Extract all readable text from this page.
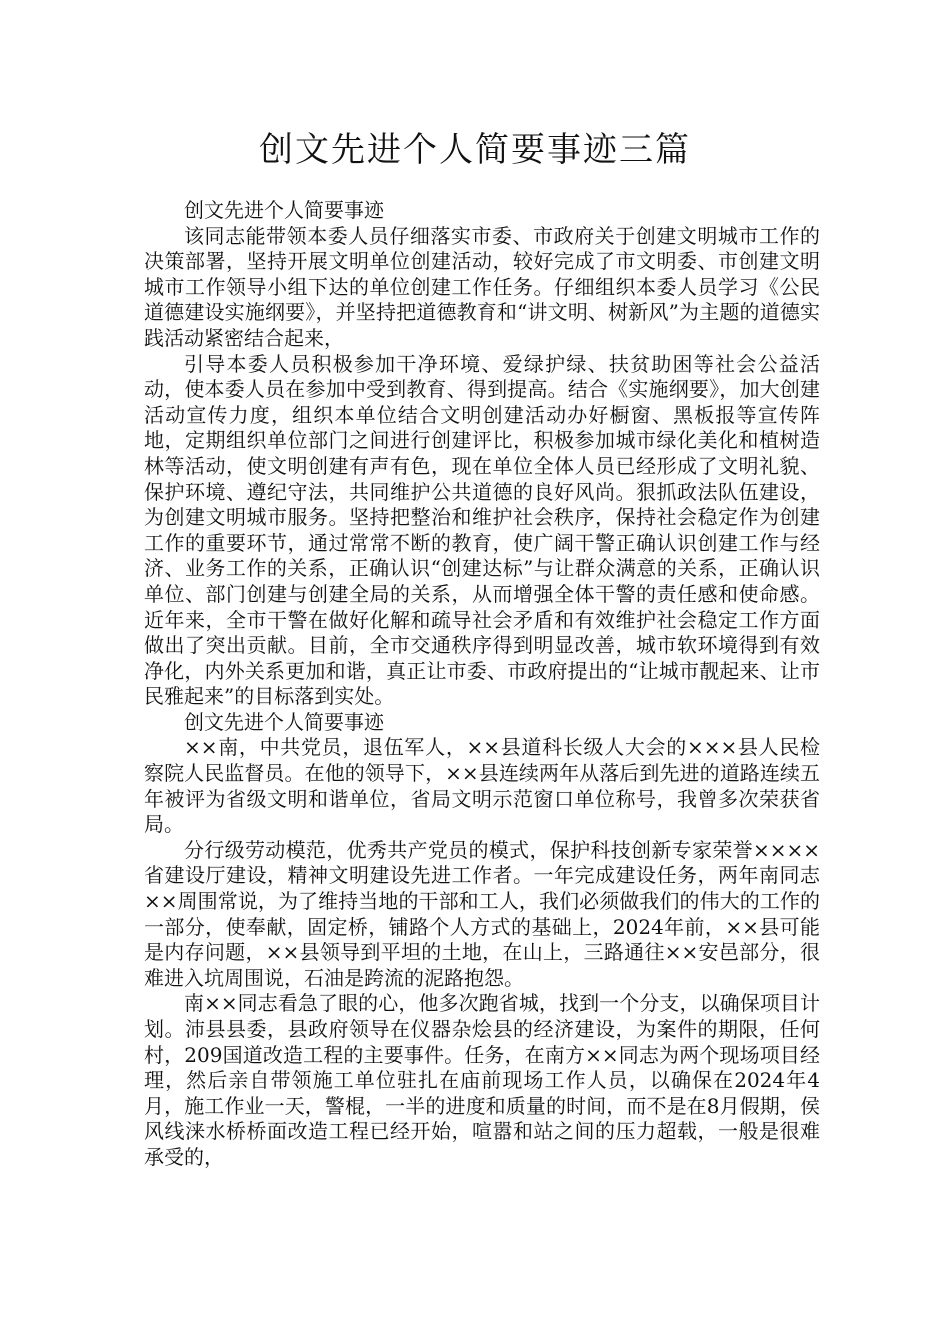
创文先进个人简要事迹三篇

创文先进个人简要事迹

该同志能带领本委人员仔细落实市委、市政府关于创建文明城市工作的决策部署，坚持开展文明单位创建活动，较好完成了市文明委、市创建文明城市工作领导小组下达的单位创建工作任务。仔细组织本委人员学习《公民道德建设实施纲要》，并坚持把道德教育和“讲文明、树新风”为主题的道德实践活动紧密结合起来，

引导本委人员积极参加干净环境、爱绿护绿、扶贫助困等社会公益活动，使本委人员在参加中受到教育、得到提高。结合《实施纲要》，加大创建活动宣传力度，组织本单位结合文明创建活动办好橱窗、黑板报等宣传阵地，定期组织单位部门之间进行创建评比，积极参加城市绿化美化和植树造林等活动，使文明创建有声有色，现在单位全体人员已经形成了文明礼貌、保护环境、遵纪守法，共同维护公共道德的良好风尚。狠抓政法队伍建设，为创建文明城市服务。坚持把整治和维护社会秩序，保持社会稳定作为创建工作的重要环节，通过常常不断的教育，使广阔干警正确认识创建工作与经济、业务工作的关系，正确认识“创建达标”与让群众满意的关系，正确认识单位、部门创建与创建全局的关系，从而增强全体干警的责任感和使命感。近年来，全市干警在做好化解和疏导社会矛盾和有效维护社会稳定工作方面做出了突出贡献。目前，全市交通秩序得到明显改善，城市软环境得到有效净化，内外关系更加和谐，真正让市委、市政府提出的“让城市靓起来、让市民雅起来”的目标落到实处。

创文先进个人简要事迹

××南，中共党员，退伍军人，××县道科长级人大会的×××县人民检察院人民监督员。在他的领导下，××县连续两年从落后到先进的道路连续五年被评为省级文明和谐单位，省局文明示范窗口单位称号，我曾多次荣获省局。

分行级劳动模范，优秀共产党员的模式，保护科技创新专家荣誉××××省建设厅建设，精神文明建设先进工作者。一年完成建设任务，两年南同志××周围常说，为了维持当地的干部和工人，我们必须做我们的伟大的工作的一部分，使奉献，固定桥，铺路个人方式的基础上，2024年前，××县可能是内存问题，××县领导到平坦的土地，在山上，三路通往××安邑部分，很难进入坑周围说，石油是跨流的泥路抱怨。

南××同志看急了眼的心，他多次跑省城，找到一个分支，以确保项目计划。沛县县委，县政府领导在仪器杂烩县的经济建设，为案件的期限，任何村，209国道改造工程的主要事件。任务，在南方××同志为两个现场项目经理，然后亲自带领施工单位驻扎在庙前现场工作人员，以确保在2024年4月，施工作业一天，警棍，一半的进度和质量的时间，而不是在8月假期，侯风线涞水桥桥面改造工程已经开始，喧嚣和站之间的压力超载，一般是很难承受的，
